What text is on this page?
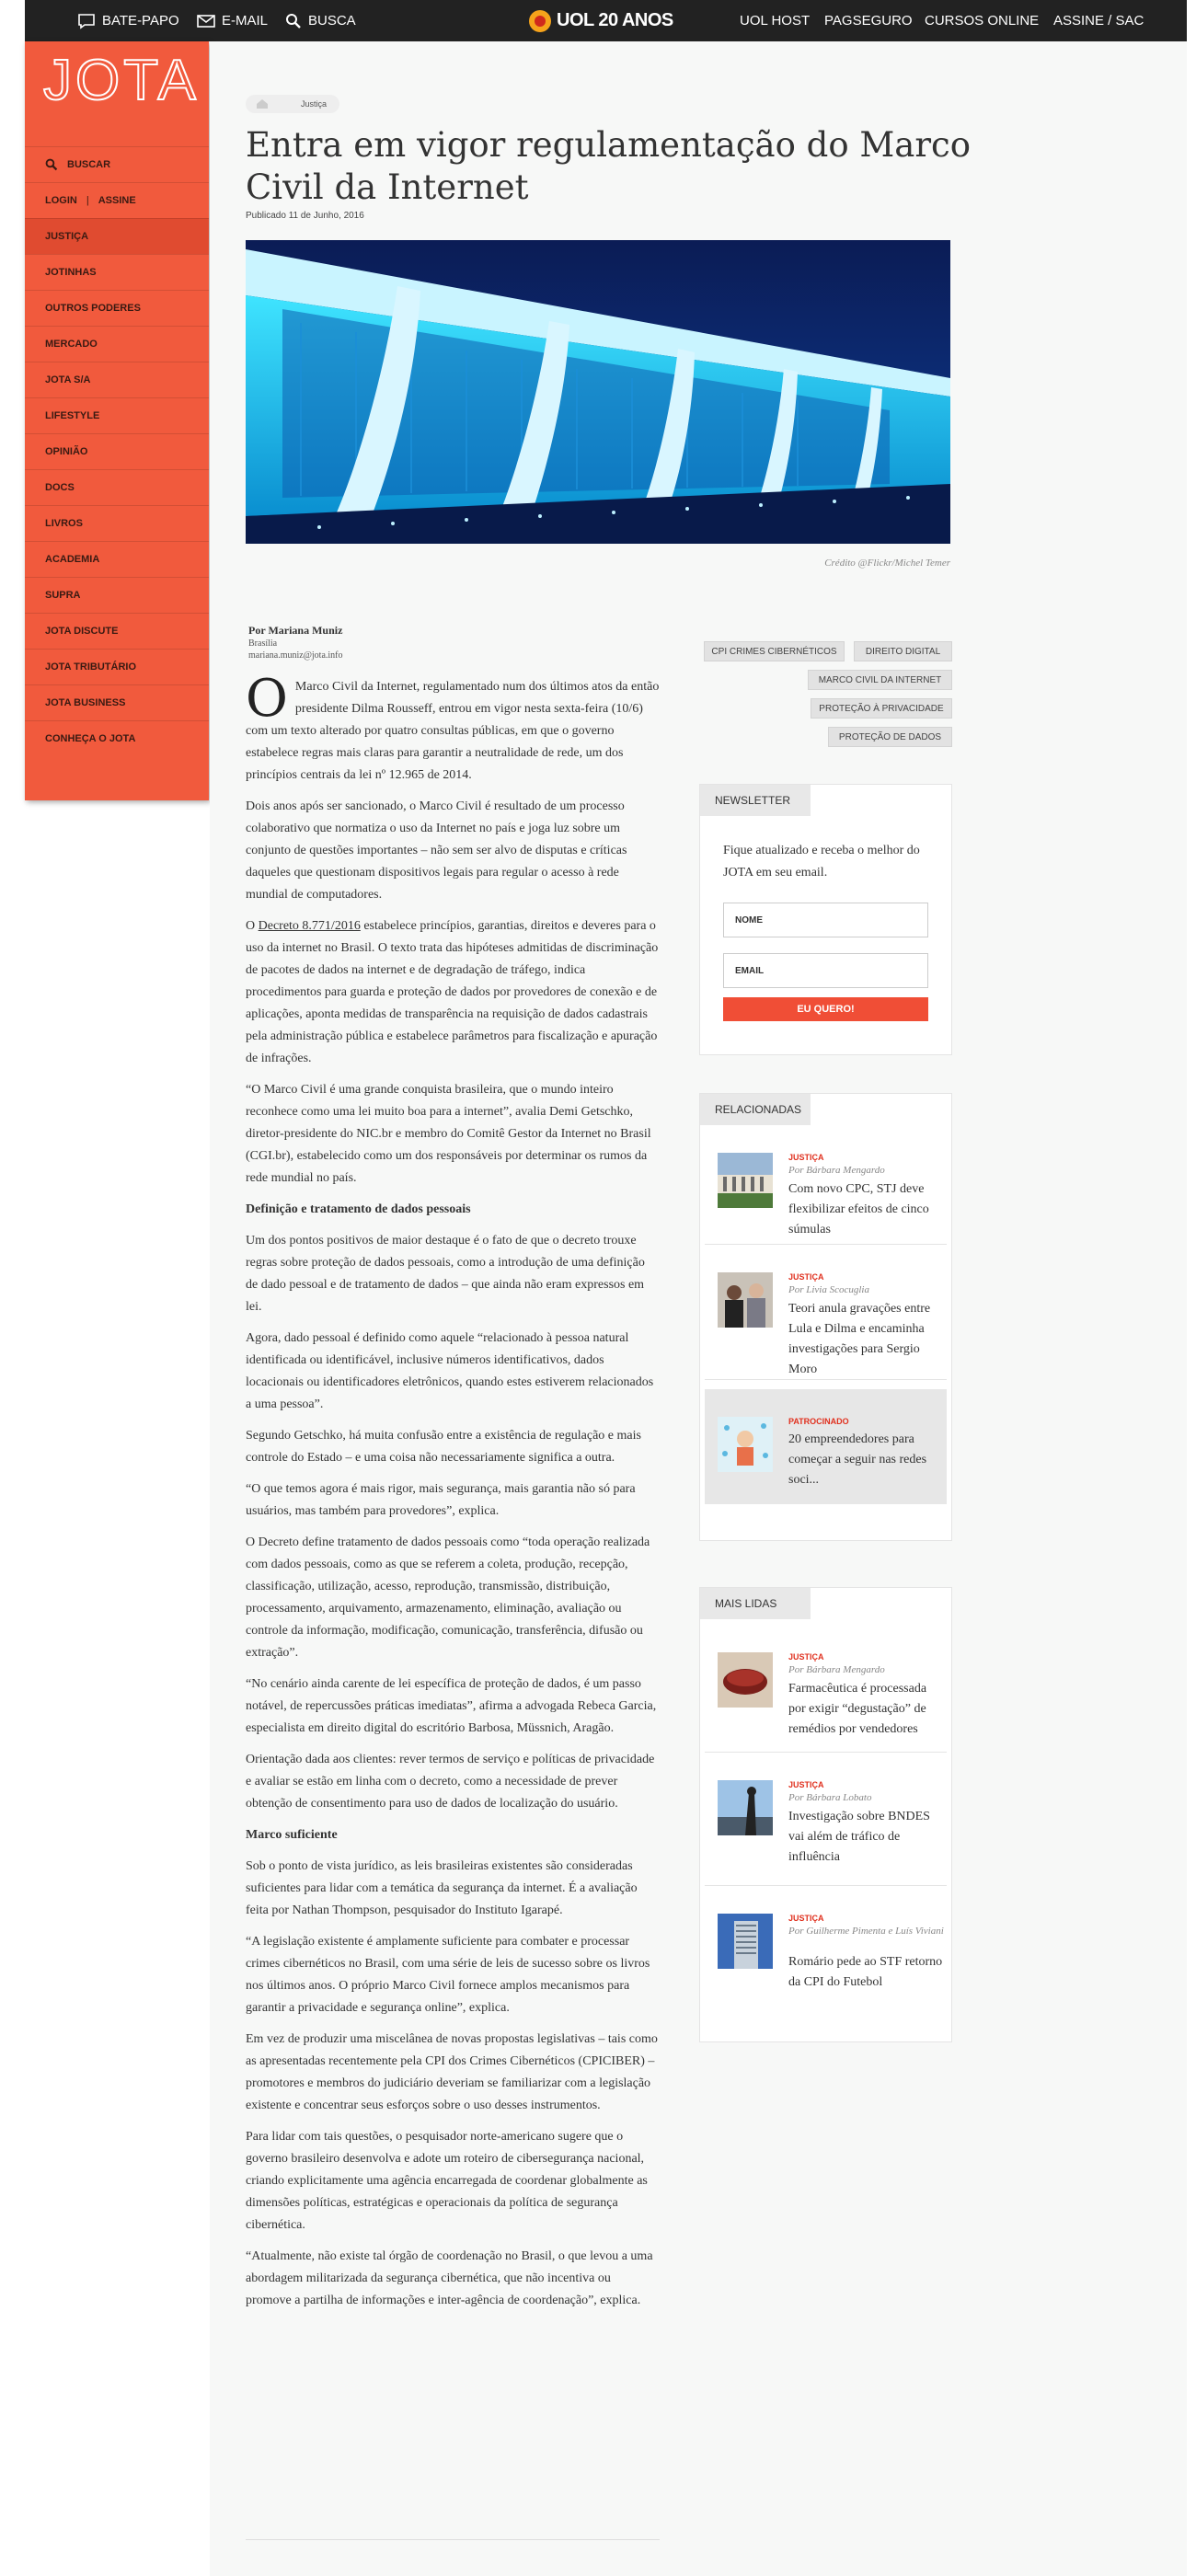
BATE-PAPO	E-MAIL	BUSCA	UOL 20 ANOS	UOL HOST PAGSEGURO CURSOS ONLINE ASSINE / SAC
JOTA
BUSCAR
LOGIN | ASSINE
JUSTIÇA
JOTINHAS
OUTROS PODERES
MERCADO
JOTA S/A
LIFESTYLE
OPINIÃO
DOCS
LIVROS
ACADEMIA
SUPRA
JOTA DISCUTE
JOTA TRIBUTÁRIO
JOTA BUSINESS
CONHEÇA O JOTA
Justiça
Entra em vigor regulamentação do Marco Civil da Internet
Publicado 11 de Junho, 2016
Crédito @Flickr/Michel Temer
Por Mariana Muniz
Brasília
mariana.muniz@jota.info

O Marco Civil da Internet, regulamentado num dos últimos atos da então presidente Dilma Rousseff, entrou em vigor nesta sexta-feira (10/6) com um texto alterado por quatro consultas públicas, em que o governo estabelece regras mais claras para garantir a neutralidade de rede, um dos princípios centrais da lei nº 12.965 de 2014.

Dois anos após ser sancionado, o Marco Civil é resultado de um processo colaborativo que normatiza o uso da Internet no país e joga luz sobre um conjunto de questões importantes – não sem ser alvo de disputas e críticas daqueles que questionam dispositivos legais para regular o acesso à rede mundial de computadores.

O Decreto 8.771/2016 estabelece princípios, garantias, direitos e deveres para o uso da internet no Brasil. O texto trata das hipóteses admitidas de discriminação de pacotes de dados na internet e de degradação de tráfego, indica procedimentos para guarda e proteção de dados por provedores de conexão e de aplicações, aponta medidas de transparência na requisição de dados cadastrais pela administração pública e estabelece parâmetros para fiscalização e apuração de infrações.

“O Marco Civil é uma grande conquista brasileira, que o mundo inteiro reconhece como uma lei muito boa para a internet”, avalia Demi Getschko, diretor-presidente do NIC.br e membro do Comitê Gestor da Internet no Brasil (CGI.br), estabelecido como um dos responsáveis por determinar os rumos da rede mundial no país.

Definição e tratamento de dados pessoais

Um dos pontos positivos de maior destaque é o fato de que o decreto trouxe regras sobre proteção de dados pessoais, como a introdução de uma definição de dado pessoal e de tratamento de dados – que ainda não eram expressos em lei.

Agora, dado pessoal é definido como aquele “relacionado à pessoa natural identificada ou identificável, inclusive números identificativos, dados locacionais ou identificadores eletrônicos, quando estes estiverem relacionados a uma pessoa”.

Segundo Getschko, há muita confusão entre a existência de regulação e mais controle do Estado – e uma coisa não necessariamente significa a outra.

“O que temos agora é mais rigor, mais segurança, mais garantia não só para usuários, mas também para provedores”, explica.

O Decreto define tratamento de dados pessoais como “toda operação realizada com dados pessoais, como as que se referem a coleta, produção, recepção, classificação, utilização, acesso, reprodução, transmissão, distribuição, processamento, arquivamento, armazenamento, eliminação, avaliação ou controle da informação, modificação, comunicação, transferência, difusão ou extração”.

“No cenário ainda carente de lei específica de proteção de dados, é um passo notável, de repercussões práticas imediatas”, afirma a advogada Rebeca Garcia, especialista em direito digital do escritório Barbosa, Müssnich, Aragão.

Orientação dada aos clientes: rever termos de serviço e políticas de privacidade e avaliar se estão em linha com o decreto, como a necessidade de prever obtenção de consentimento para uso de dados de localização do usuário.

Marco suficiente

Sob o ponto de vista jurídico, as leis brasileiras existentes são consideradas suficientes para lidar com a temática da segurança da internet. É a avaliação feita por Nathan Thompson, pesquisador do Instituto Igarapé.

“A legislação existente é amplamente suficiente para combater e processar crimes cibernéticos no Brasil, com uma série de leis de sucesso sobre os livros nos últimos anos. O próprio Marco Civil fornece amplos mecanismos para garantir a privacidade e segurança online”, explica.

Em vez de produzir uma miscelânea de novas propostas legislativas – tais como as apresentadas recentemente pela CPI dos Crimes Cibernéticos (CPICIBER) – promotores e membros do judiciário deveriam se familiarizar com a legislação existente e concentrar seus esforços sobre o uso desses instrumentos.

Para lidar com tais questões, o pesquisador norte-americano sugere que o governo brasileiro desenvolva e adote um roteiro de cibersegurança nacional, criando explicitamente uma agência encarregada de coordenar globalmente as dimensões políticas, estratégicas e operacionais da política de segurança cibernética.

“Atualmente, não existe tal órgão de coordenação no Brasil, o que levou a uma abordagem militarizada da segurança cibernética, que não incentiva ou promove a partilha de informações e inter-agência de coordenação”, explica.

CPI CRIMES CIBERNÉTICOS	DIREITO DIGITAL
MARCO CIVIL DA INTERNET
PROTEÇÃO À PRIVACIDADE
PROTEÇÃO DE DADOS
NEWSLETTER
Fique atualizado e receba o melhor do JOTA em seu email.
NOME
EMAIL
EU QUERO!
RELACIONADAS
JUSTIÇA
Por Bárbara Mengardo
Com novo CPC, STJ deve flexibilizar efeitos de cinco súmulas
JUSTIÇA
Por Livia Scocuglia
Teori anula gravações entre Lula e Dilma e encaminha investigações para Sergio Moro
PATROCINADO
20 empreendedores para começar a seguir nas redes soci...
MAIS LIDAS
JUSTIÇA
Por Bárbara Mengardo
Farmacêutica é processada por exigir “degustação” de remédios por vendedores
JUSTIÇA
Por Bárbara Lobato
Investigação sobre BNDES vai além de tráfico de influência
JUSTIÇA
Por Guilherme Pimenta e Luís Viviani
Romário pede ao STF retorno da CPI do Futebol
